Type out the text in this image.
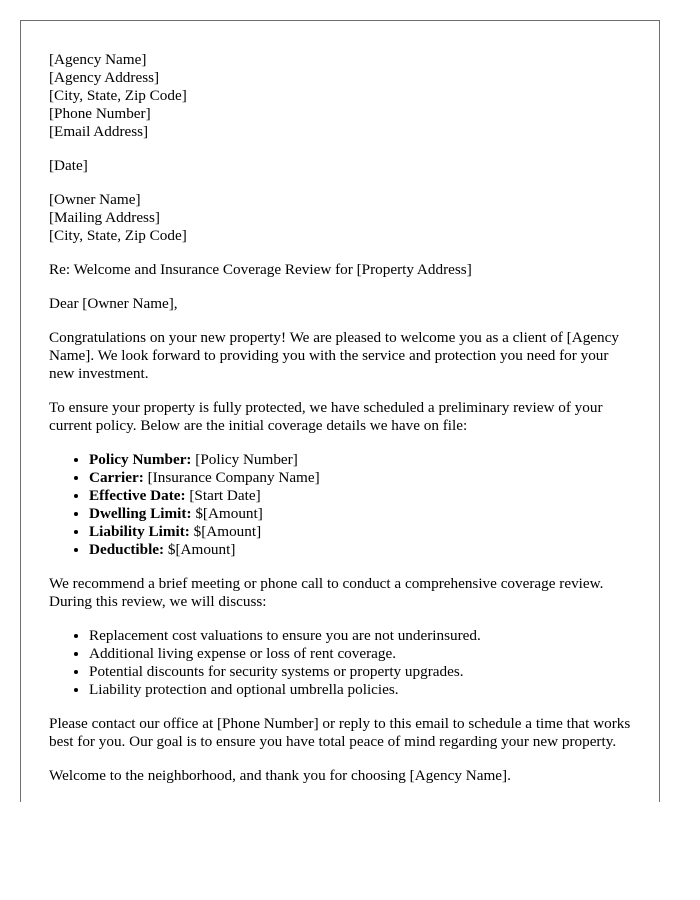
[Agency Name]
[Agency Address]
[City, State, Zip Code]
[Phone Number]
[Email Address]
[Date]
[Owner Name]
[Mailing Address]
[City, State, Zip Code]

Re: Welcome and Insurance Coverage Review for [Property Address]

Dear [Owner Name],

Congratulations on your new property! We are pleased to welcome you as a client of [Agency Name]. We look forward to providing you with the service and protection you need for your new investment.

To ensure your property is fully protected, we have scheduled a preliminary review of your current policy. Below are the initial coverage details we have on file:

• Policy Number: [Policy Number]
• Carrier: [Insurance Company Name]
• Effective Date: [Start Date]
• Dwelling Limit: $[Amount]
• Liability Limit: $[Amount]
• Deductible: $[Amount]

We recommend a brief meeting or phone call to conduct a comprehensive coverage review. During this review, we will discuss:

• Replacement cost valuations to ensure you are not underinsured.
• Additional living expense or loss of rent coverage.
• Potential discounts for security systems or property upgrades.
• Liability protection and optional umbrella policies.

Please contact our office at [Phone Number] or reply to this email to schedule a time that works best for you. Our goal is to ensure you have total peace of mind regarding your new property.

Welcome to the neighborhood, and thank you for choosing [Agency Name].
